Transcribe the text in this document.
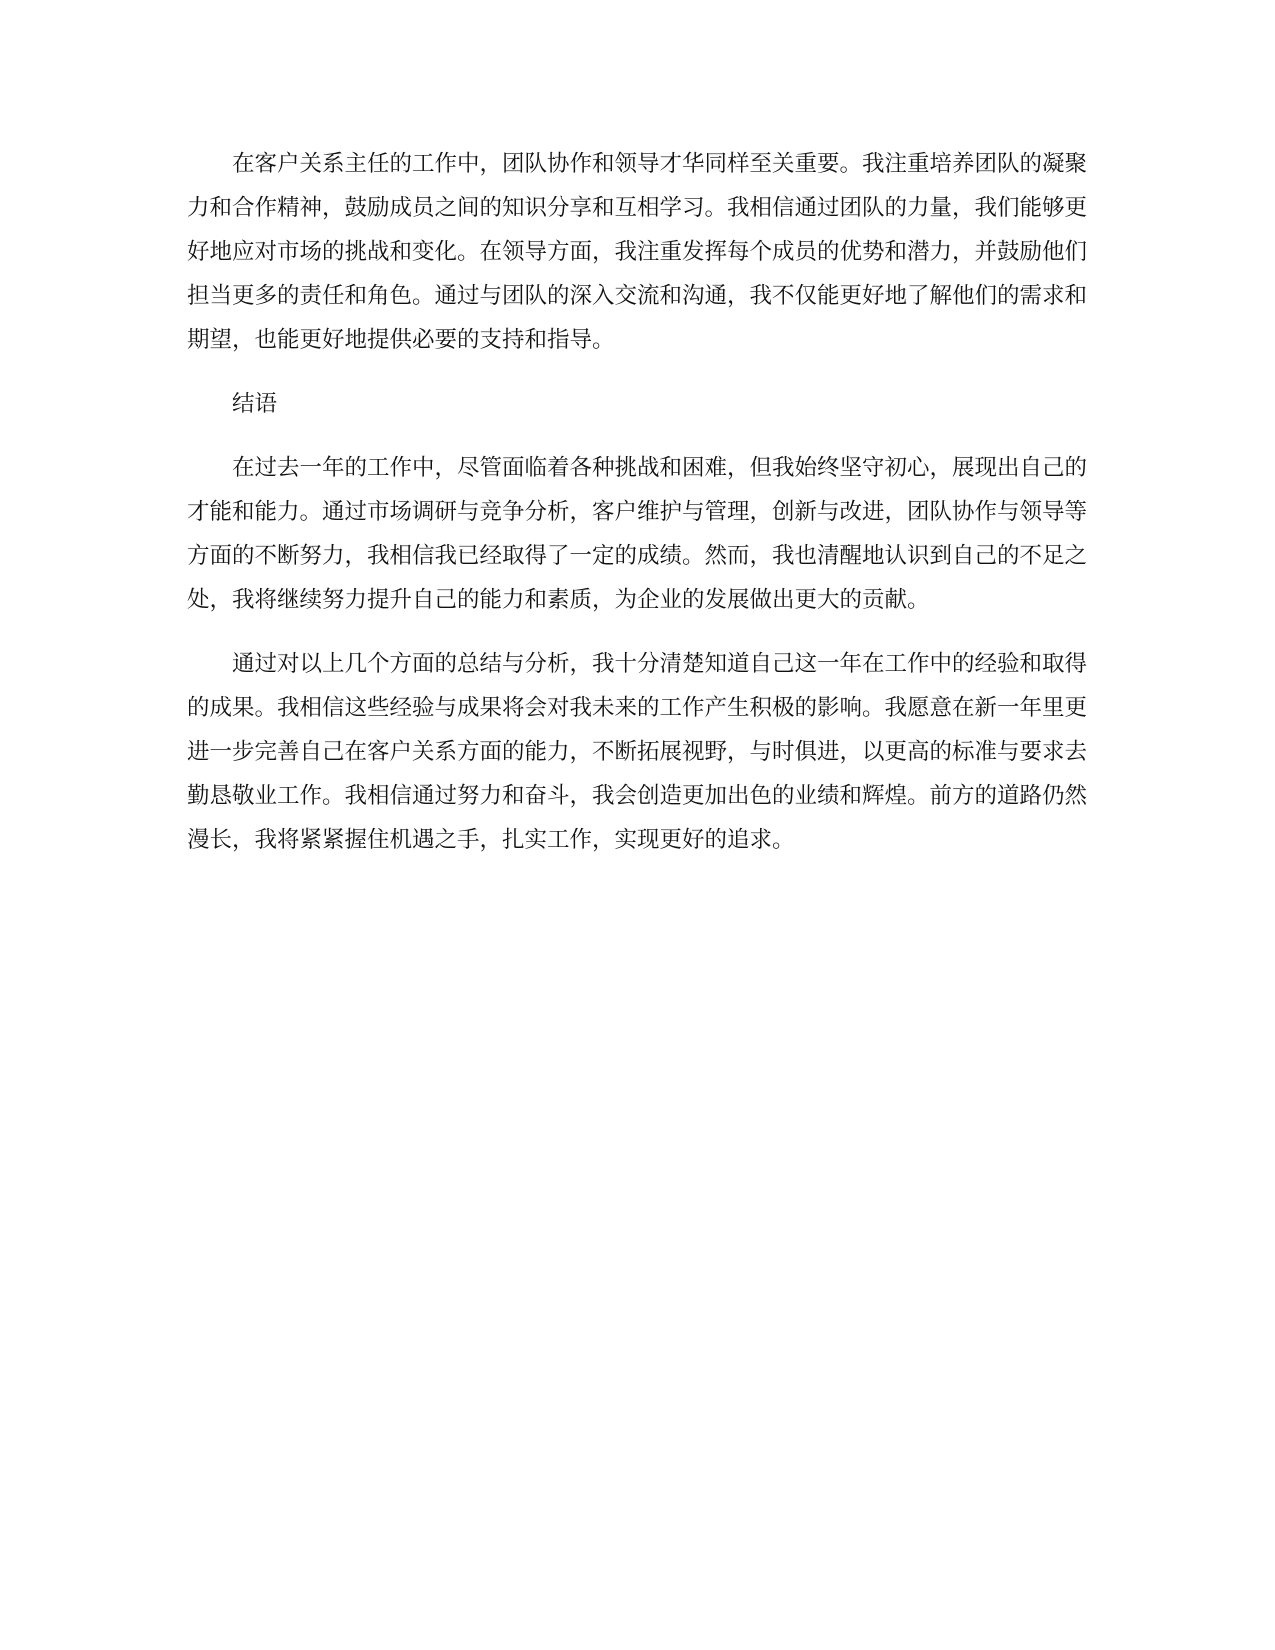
在客户关系主任的工作中，团队协作和领导才华同样至关重要。我注重培养团队的凝聚力和合作精神，鼓励成员之间的知识分享和互相学习。我相信通过团队的力量，我们能够更好地应对市场的挑战和变化。在领导方面，我注重发挥每个成员的优势和潜力，并鼓励他们担当更多的责任和角色。通过与团队的深入交流和沟通，我不仅能更好地了解他们的需求和期望，也能更好地提供必要的支持和指导。

结语

在过去一年的工作中，尽管面临着各种挑战和困难，但我始终坚守初心，展现出自己的才能和能力。通过市场调研与竞争分析，客户维护与管理，创新与改进，团队协作与领导等方面的不断努力，我相信我已经取得了一定的成绩。然而，我也清醒地认识到自己的不足之处，我将继续努力提升自己的能力和素质，为企业的发展做出更大的贡献。

通过对以上几个方面的总结与分析，我十分清楚知道自己这一年在工作中的经验和取得的成果。我相信这些经验与成果将会对我未来的工作产生积极的影响。我愿意在新一年里更进一步完善自己在客户关系方面的能力，不断拓展视野，与时俱进，以更高的标准与要求去勤恳敬业工作。我相信通过努力和奋斗，我会创造更加出色的业绩和辉煌。前方的道路仍然漫长，我将紧紧握住机遇之手，扎实工作，实现更好的追求。
